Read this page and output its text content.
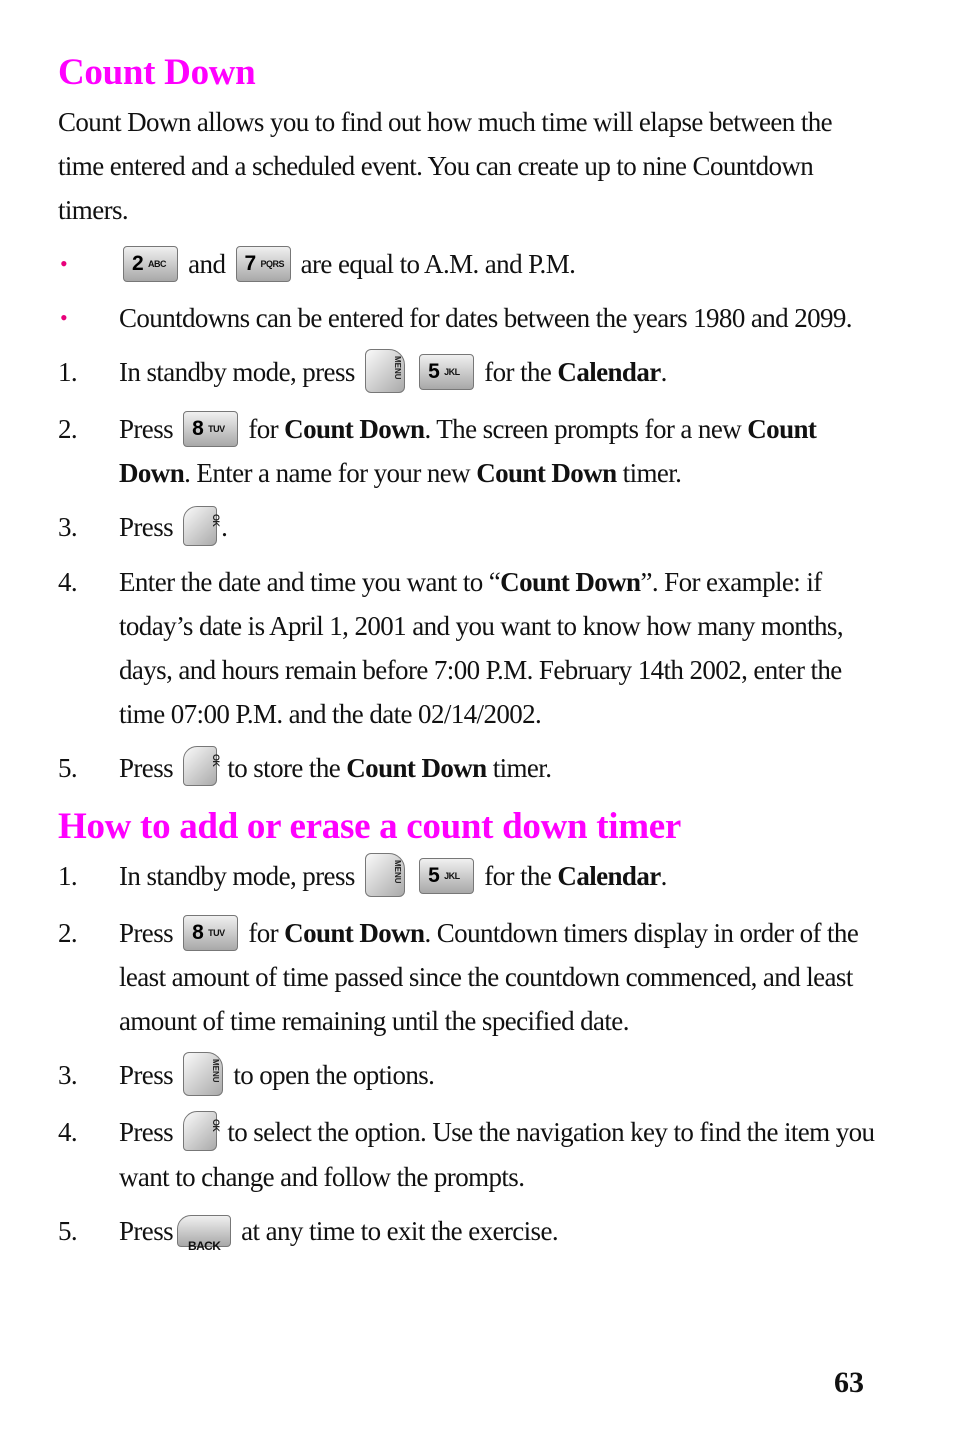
Count Down
Count Down allows you to find out how much time will elapse between the time entered and a scheduled event. You can create up to nine Countdown timers.
•	2 ABC and 7 PQRS are equal to A.M. and P.M.
•	Countdowns can be entered for dates between the years 1980 and 2099.
1.	In standby mode, press	MENU
	5 JKL for the Calendar.
2.	Press 8 TUV for Count Down. The screen prompts for a new Count Down. Enter a name for your new Count Down timer.
3.	Press	OK .
4.	Enter the date and time you want to “Count Down”. For example: if today’s date is April 1, 2001 and you want to know how many months, days, and hours remain before 7:00 P.M. February 14th 2002, enter the time 07:00 P.M. and the date 02/14/2002.
5.	Press	OK to store the Count Down timer.
How to add or erase a count down timer
1.	In standby mode, press	MENU
	5 JKL for the Calendar.
2.	Press 8 TUV for Count Down. Countdown timers display in order of the least amount of time passed since the countdown commenced, and least amount of time remaining until the specified date.
3.	Press	MENU to open the options.
4.	Press	OK to select the option. Use the navigation key to find the item you want to change and follow the prompts.
5.	Press BACK at any time to exit the exercise.
63
